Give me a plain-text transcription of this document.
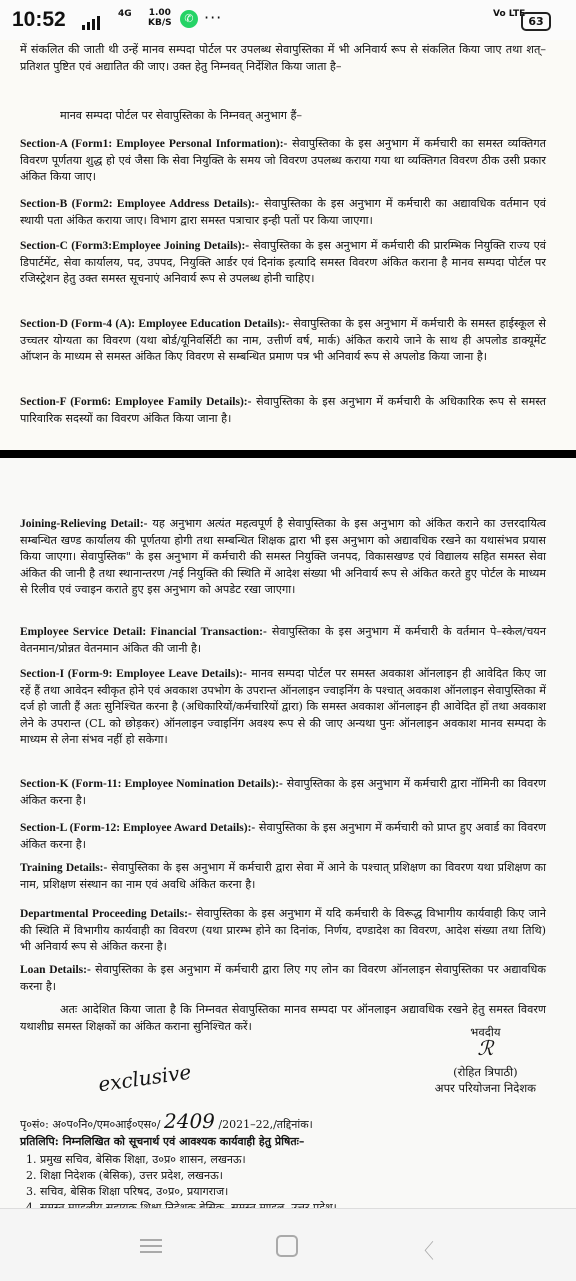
10:52	4G 1.00
KB/S	✆ ···	Vo LTE
63
में संकलित की जाती थी उन्हें मानव सम्पदा पोर्टल पर उपलब्ध सेवापुस्तिका में भी अनिवार्य रूप से संकलित किया जाए तथा शत्–प्रतिशत पुष्टित एवं अद्यातित की जाए। उक्त हेतु निम्नवत् निर्देशित किया जाता है–
मानव सम्पदा पोर्टल पर सेवापुस्तिका के निम्नवत् अनुभाग हैं–
Section-A (Form1: Employee Personal Information):- सेवापुस्तिका के इस अनुभाग में कर्मचारी का समस्त व्यक्तिगत विवरण पूर्णतया शुद्ध हो एवं जैसा कि सेवा नियुक्ति के समय जो विवरण उपलब्ध कराया गया था व्यक्तिगत विवरण ठीक उसी प्रकार अंकित किया जाए।
Section-B (Form2: Employee Address Details):- सेवापुस्तिका के इस अनुभाग में कर्मचारी का अद्यावधिक वर्तमान एवं स्थायी पता अंकित कराया जाए। विभाग द्वारा समस्त पत्राचार इन्ही पतों पर किया जाएगा।
Section-C (Form3:Employee Joining Details):- सेवापुस्तिका के इस अनुभाग में कर्मचारी की प्रारम्भिक नियुक्ति राज्य एवं डिपार्टमेंट, सेवा कार्यालय, पद, उपपद, नियुक्ति आर्डर एवं दिनांक इत्यादि समस्त विवरण अंकित कराना है मानव सम्पदा पोर्टल पर रजिस्ट्रेशन हेतु उक्त समस्त सूचनाएं अनिवार्य रूप से उपलब्ध होनी चाहिए।
Section-D (Form-4 (A): Employee Education Details):- सेवापुस्तिका के इस अनुभाग में कर्मचारी के समस्त हाईस्कूल से उच्चतर योग्यता का विवरण (यथा बोर्ड/यूनिवर्सिटी का नाम, उत्तीर्ण वर्ष, मार्क) अंकित कराये जाने के साथ ही अपलोड डाक्यूमेंट ऑप्शन के माध्यम से समस्त अंकित किए विवरण से सम्बन्धित प्रमाण पत्र भी अनिवार्य रूप से अपलोड किया जाना है।
Section-F (Form6: Employee Family Details):- सेवापुस्तिका के इस अनुभाग में कर्मचारी के अधिकारिक रूप से समस्त पारिवारिक सदस्यों का विवरण अंकित किया जाना है।
Joining-Relieving Detail:- यह अनुभाग अत्यंत महत्वपूर्ण है सेवापुस्तिका के इस अनुभाग को अंकित कराने का उत्तरदायित्व सम्बन्धित खण्ड कार्यालय की पूर्णतया होगी तथा सम्बन्धित शिक्षक द्वारा भी इस अनुभाग को अद्यावधिक रखने का यथासंभव प्रयास किया जाएगा। सेवापुस्तिक" के इस अनुभाग में कर्मचारी की समस्त नियुक्ति जनपद, विकासखण्ड एवं विद्यालय सहित समस्त सेवा अंकित की जानी है तथा स्थानान्तरण /नई नियुक्ति की स्थिति में आदेश संख्या भी अनिवार्य रूप से अंकित करते हुए पोर्टल के माध्यम से रिलीव एवं ज्वाइन कराते हुए इस अनुभाग को अपडेट रखा जाएगा।
Employee Service Detail: Financial Transaction:- सेवापुस्तिका के इस अनुभाग में कर्मचारी के वर्तमान पे–स्केल/चयन वेतनमान/प्रोन्नत वेतनमान अंकित की जानी है।
Section-I (Form-9: Employee Leave Details):- मानव सम्पदा पोर्टल पर समस्त अवकाश ऑनलाइन ही आवेदित किए जा रहें हैं तथा आवेदन स्वीकृत होने एवं अवकाश उपभोग के उपरान्त ऑनलाइन ज्वाइनिंग के पश्चात् अवकाश ऑनलाइन सेवापुस्तिका में दर्ज हो जाती हैं अतः सुनिश्चित करना है (अधिकारियों/कर्मचारियों द्वारा) कि समस्त अवकाश ऑनलाइन ही आवेदित हों तथा अवकाश लेने के उपरान्त (CL को छोड़कर) ऑनलाइन ज्वाइनिंग अवश्य रूप से की जाए अन्यथा पुनः ऑनलाइन अवकाश मानव सम्पदा के माध्यम से लेना संभव नहीं हो सकेगा।
Section-K (Form-11: Employee Nomination Details):- सेवापुस्तिका के इस अनुभाग में कर्मचारी द्वारा नॉमिनी का विवरण अंकित करना है।
Section-L (Form-12: Employee Award Details):- सेवापुस्तिका के इस अनुभाग में कर्मचारी को प्राप्त हुए अवार्ड का विवरण अंकित करना है।
Training Details:- सेवापुस्तिका के इस अनुभाग में कर्मचारी द्वारा सेवा में आने के पश्चात् प्रशिक्षण का विवरण यथा प्रशिक्षण का नाम, प्रशिक्षण संस्थान का नाम एवं अवधि अंकित करना है।
Departmental Proceeding Details:- सेवापुस्तिका के इस अनुभाग में यदि कर्मचारी के विरूद्ध विभागीय कार्यवाही किए जाने की स्थिति में विभागीय कार्यवाही का विवरण (यथा प्रारम्भ होने का दिनांक, निर्णय, दण्डादेश का विवरण, आदेश संख्या तथा तिथि) भी अनिवार्य रूप से अंकित करना है।
Loan Details:- सेवापुस्तिका के इस अनुभाग में कर्मचारी द्वारा लिए गए लोन का विवरण ऑनलाइन सेवापुस्तिका पर अद्यावधिक करना है।
अतः आदेशित किया जाता है कि निम्नवत सेवापुस्तिका मानव सम्पदा पर ऑनलाइन अद्यावधिक रखने हेतु समस्त विवरण यथाशीघ्र समस्त शिक्षकों का अंकित कराना सुनिश्चित करें।	भवदीय
ℛ
(रोहित त्रिपाठी)
अपर परियोजना निदेशक
exclusive
पृ०सं०: अ०प०नि०/एम०आई०एस०/ 2409 /2021–22,/तद्दिनांक।
प्रतिलिपि: निम्नलिखित को सूचनार्थ एवं आवश्यक कार्यवाही हेतु प्रेषितः–
1. प्रमुख सचिव, बेसिक शिक्षा, उ०प्र० शासन, लखनऊ।
2. शिक्षा निदेशक (बेसिक), उत्तर प्रदेश, लखनऊ।
3. सचिव, बेसिक शिक्षा परिषद, उ०प्र०, प्रयागराज।
4.
〈
